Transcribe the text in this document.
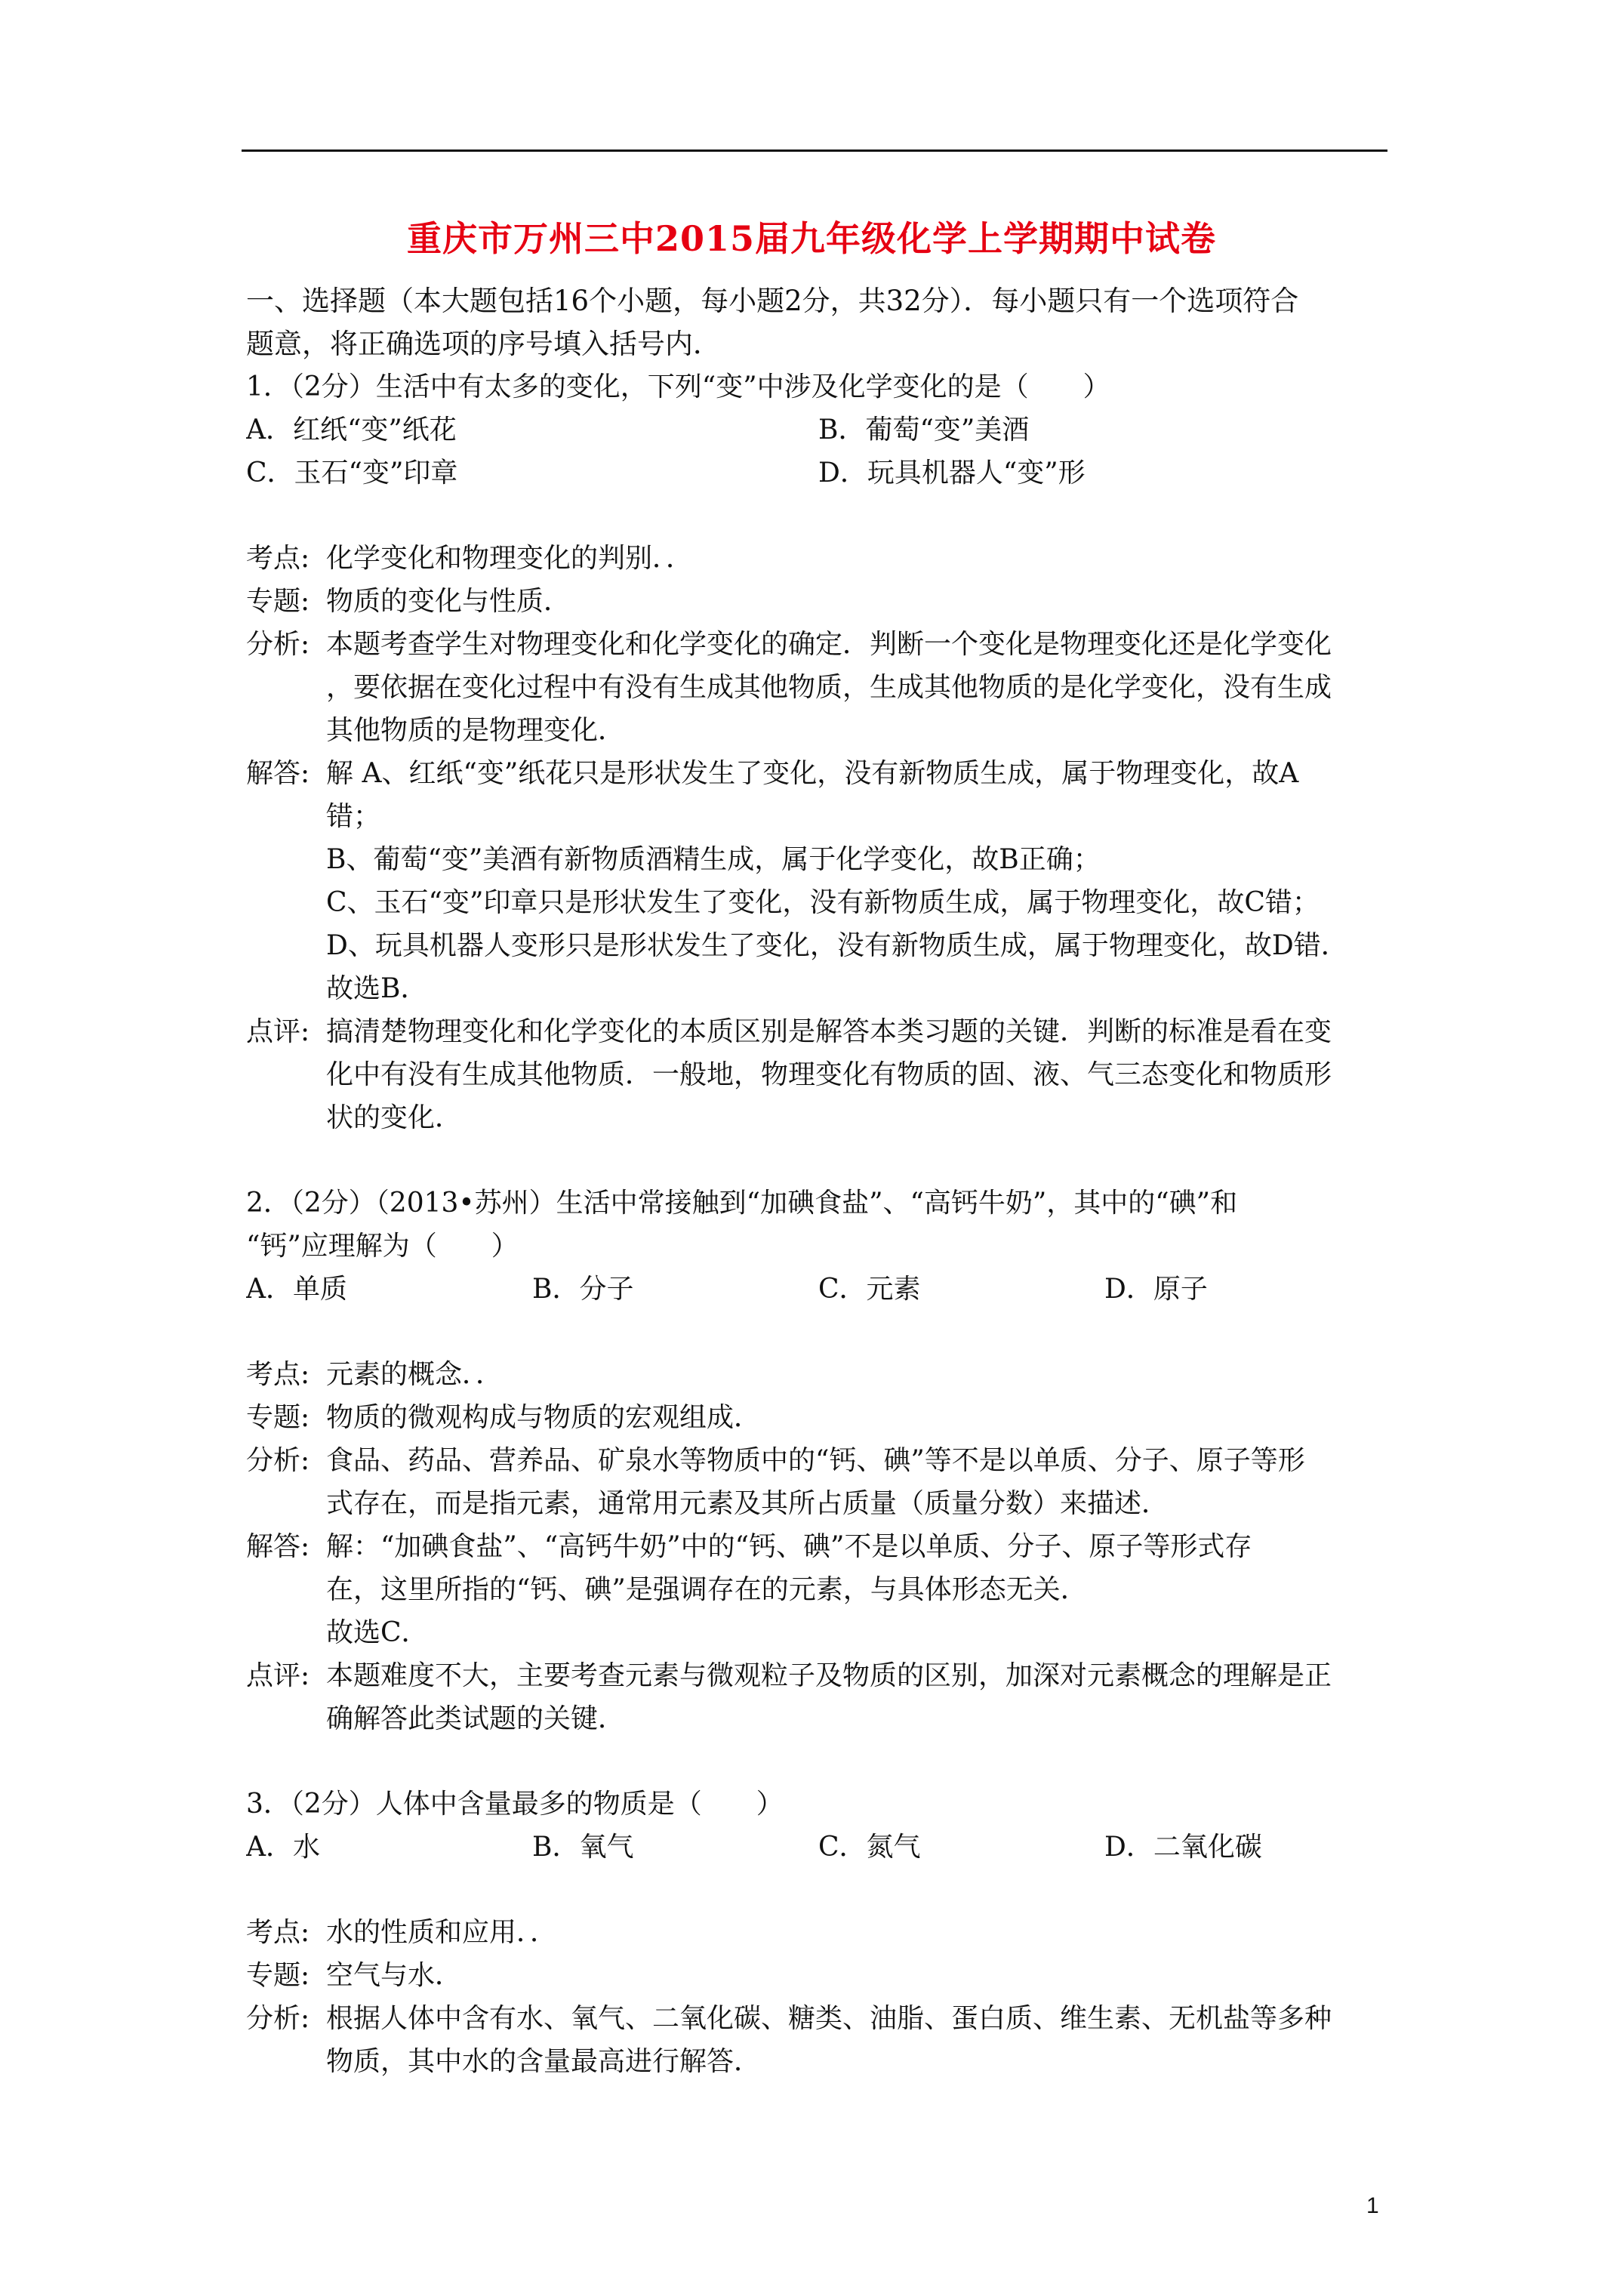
重庆市万州三中2015届九年级化学上学期期中试卷
一、选择题（本大题包括16个小题，每小题2分，共32分）．每小题只有一个选项符合
题意，将正确选项的序号填入括号内．
1．（2分）生活中有太多的变化，下列“变”中涉及化学变化的是（　　）
A．红纸“变”纸花	B．葡萄“变”美酒
C．玉石“变”印章	D．玩具机器人“变”形
考点: 化学变化和物理变化的判别．．
专题: 物质的变化与性质．
分析: 本题考查学生对物理变化和化学变化的确定．判断一个变化是物理变化还是化学变化
，要依据在变化过程中有没有生成其他物质，生成其他物质的是化学变化，没有生成
其他物质的是物理变化．
解答: 解 A、红纸“变”纸花只是形状发生了变化，没有新物质生成，属于物理变化，故A
错；
B、葡萄“变”美酒有新物质酒精生成，属于化学变化，故B正确；
C、玉石“变”印章只是形状发生了变化，没有新物质生成，属于物理变化，故C错；
D、玩具机器人变形只是形状发生了变化，没有新物质生成，属于物理变化，故D错．
故选B．
点评: 搞清楚物理变化和化学变化的本质区别是解答本类习题的关键．判断的标准是看在变
化中有没有生成其他物质．一般地，物理变化有物质的固、液、气三态变化和物质形
状的变化．
2．（2分）（2013•苏州）生活中常接触到“加碘食盐”、“高钙牛奶”，其中的“碘”和
“钙”应理解为（　　）
A．单质	B．分子	C．元素	D．原子
考点: 元素的概念．．
专题: 物质的微观构成与物质的宏观组成．
分析: 食品、药品、营养品、矿泉水等物质中的“钙、碘”等不是以单质、分子、原子等形
式存在，而是指元素，通常用元素及其所占质量（质量分数）来描述．
解答: 解：“加碘食盐”、“高钙牛奶”中的“钙、碘”不是以单质、分子、原子等形式存
在，这里所指的“钙、碘”是强调存在的元素，与具体形态无关．
故选C．
点评: 本题难度不大，主要考查元素与微观粒子及物质的区别，加深对元素概念的理解是正
确解答此类试题的关键．
3．（2分）人体中含量最多的物质是（　　）
A．水	B．氧气	C．氮气	D．二氧化碳
考点: 水的性质和应用．．
专题: 空气与水．
分析: 根据人体中含有水、氧气、二氧化碳、糖类、油脂、蛋白质、维生素、无机盐等多种
物质，其中水的含量最高进行解答．
1
